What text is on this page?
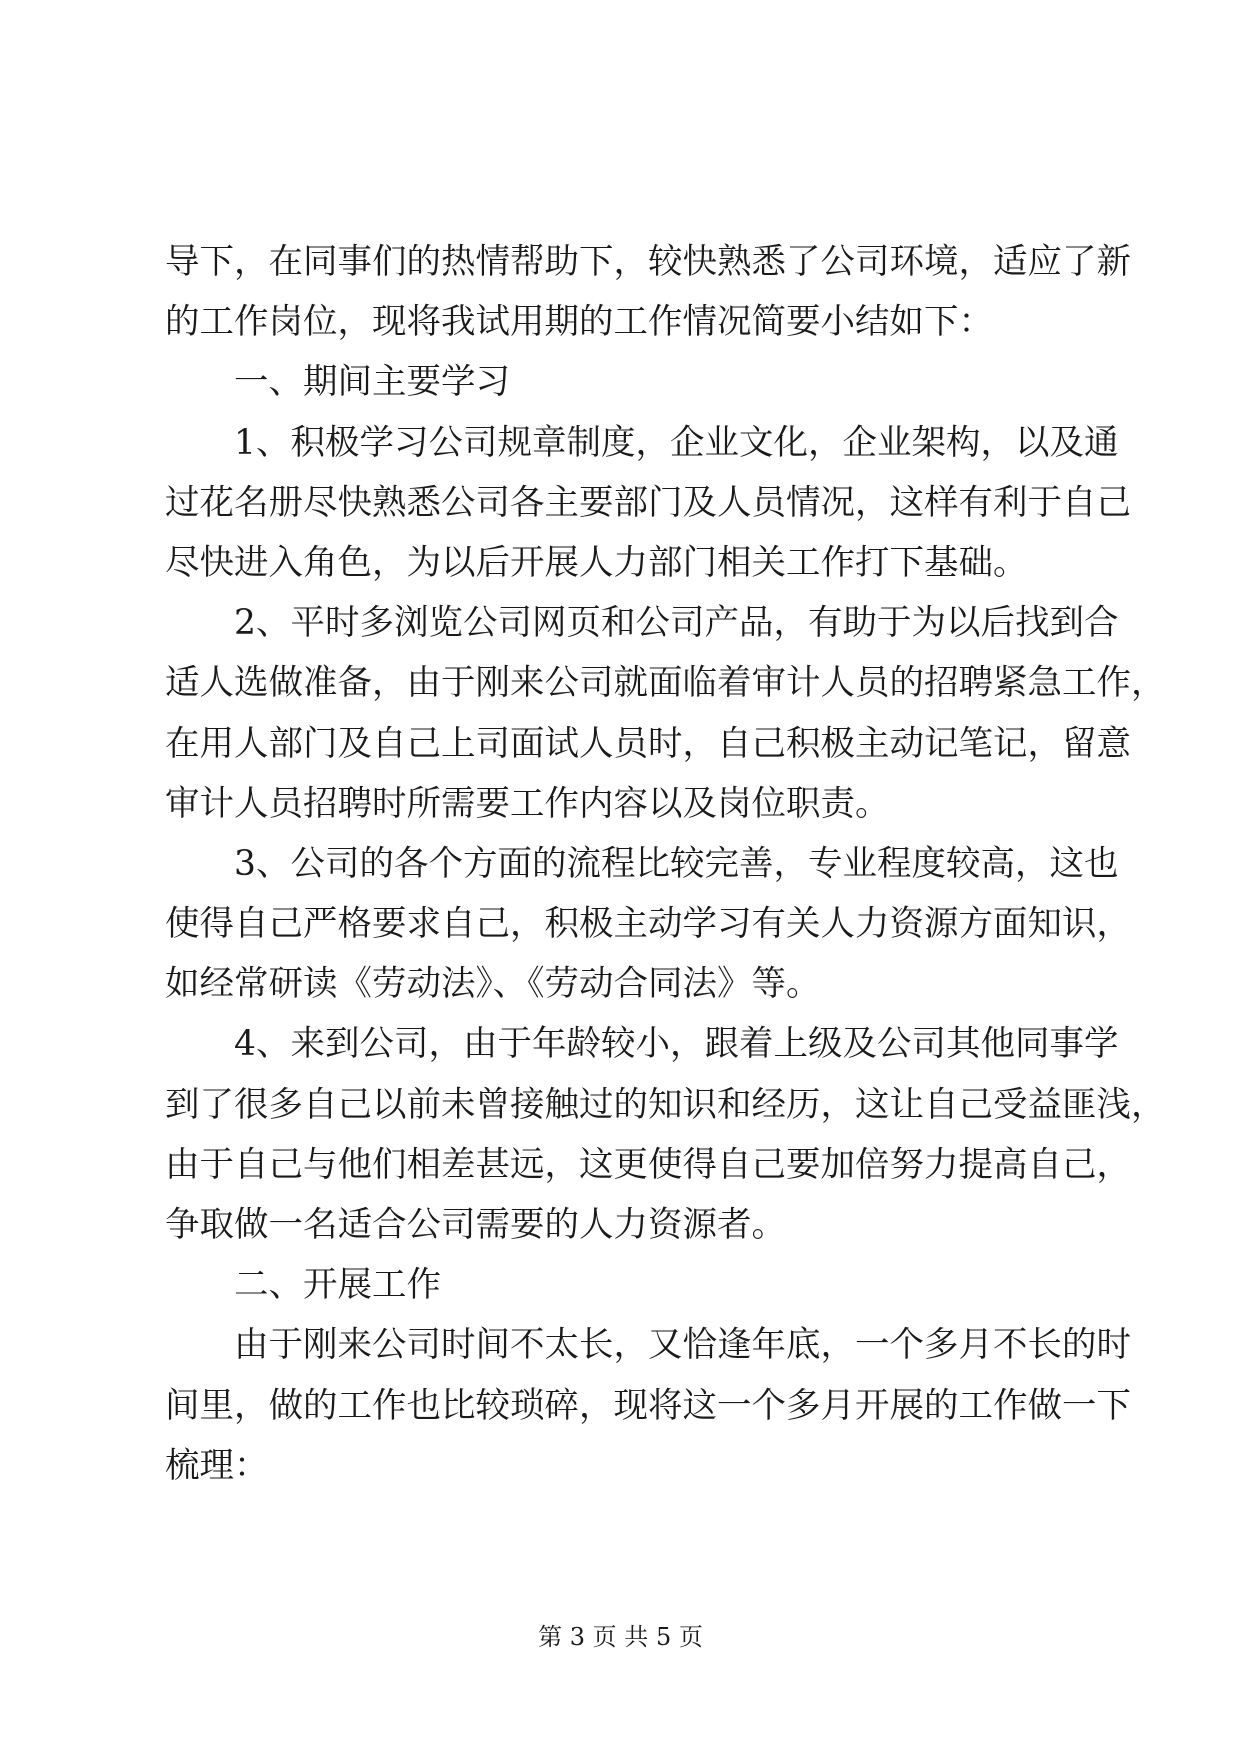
导下，在同事们的热情帮助下，较快熟悉了公司环境，适应了新
的工作岗位，现将我试用期的工作情况简要小结如下：
一、期间主要学习
1、积极学习公司规章制度，企业文化，企业架构，以及通
过花名册尽快熟悉公司各主要部门及人员情况，这样有利于自己
尽快进入角色，为以后开展人力部门相关工作打下基础。
2、平时多浏览公司网页和公司产品，有助于为以后找到合
适人选做准备，由于刚来公司就面临着审计人员的招聘紧急工作，
在用人部门及自己上司面试人员时，自己积极主动记笔记，留意
审计人员招聘时所需要工作内容以及岗位职责。
3、公司的各个方面的流程比较完善，专业程度较高，这也
使得自己严格要求自己，积极主动学习有关人力资源方面知识，
如经常研读《劳动法》、《劳动合同法》等。
4、来到公司，由于年龄较小，跟着上级及公司其他同事学
到了很多自己以前未曾接触过的知识和经历，这让自己受益匪浅，
由于自己与他们相差甚远，这更使得自己要加倍努力提高自己，
争取做一名适合公司需要的人力资源者。
二、开展工作
由于刚来公司时间不太长，又恰逢年底，一个多月不长的时
间里，做的工作也比较琐碎，现将这一个多月开展的工作做一下
梳理：
第 3 页 共 5 页
